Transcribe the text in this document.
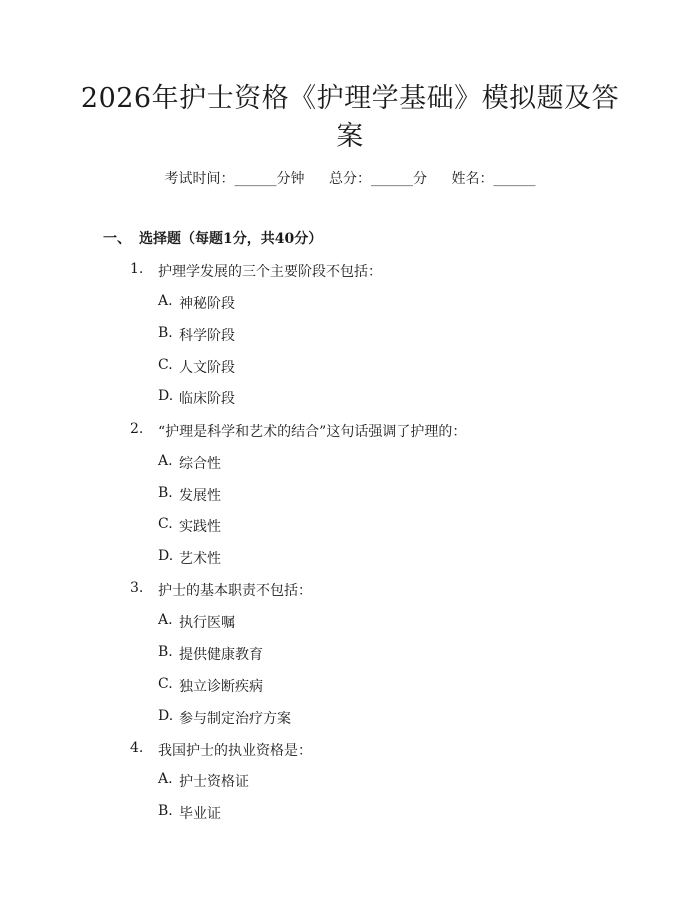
2026年护士资格《护理学基础》模拟题及答案
考试时间：______分钟 总分：______分 姓名：______
一、 选择题（每题1分，共40分）
1. 护理学发展的三个主要阶段不包括：
A. 神秘阶段
B. 科学阶段
C. 人文阶段
D. 临床阶段
2. “护理是科学和艺术的结合”这句话强调了护理的：
A. 综合性
B. 发展性
C. 实践性
D. 艺术性
3. 护士的基本职责不包括：
A. 执行医嘱
B. 提供健康教育
C. 独立诊断疾病
D. 参与制定治疗方案
4. 我国护士的执业资格是：
A. 护士资格证
B. 毕业证
